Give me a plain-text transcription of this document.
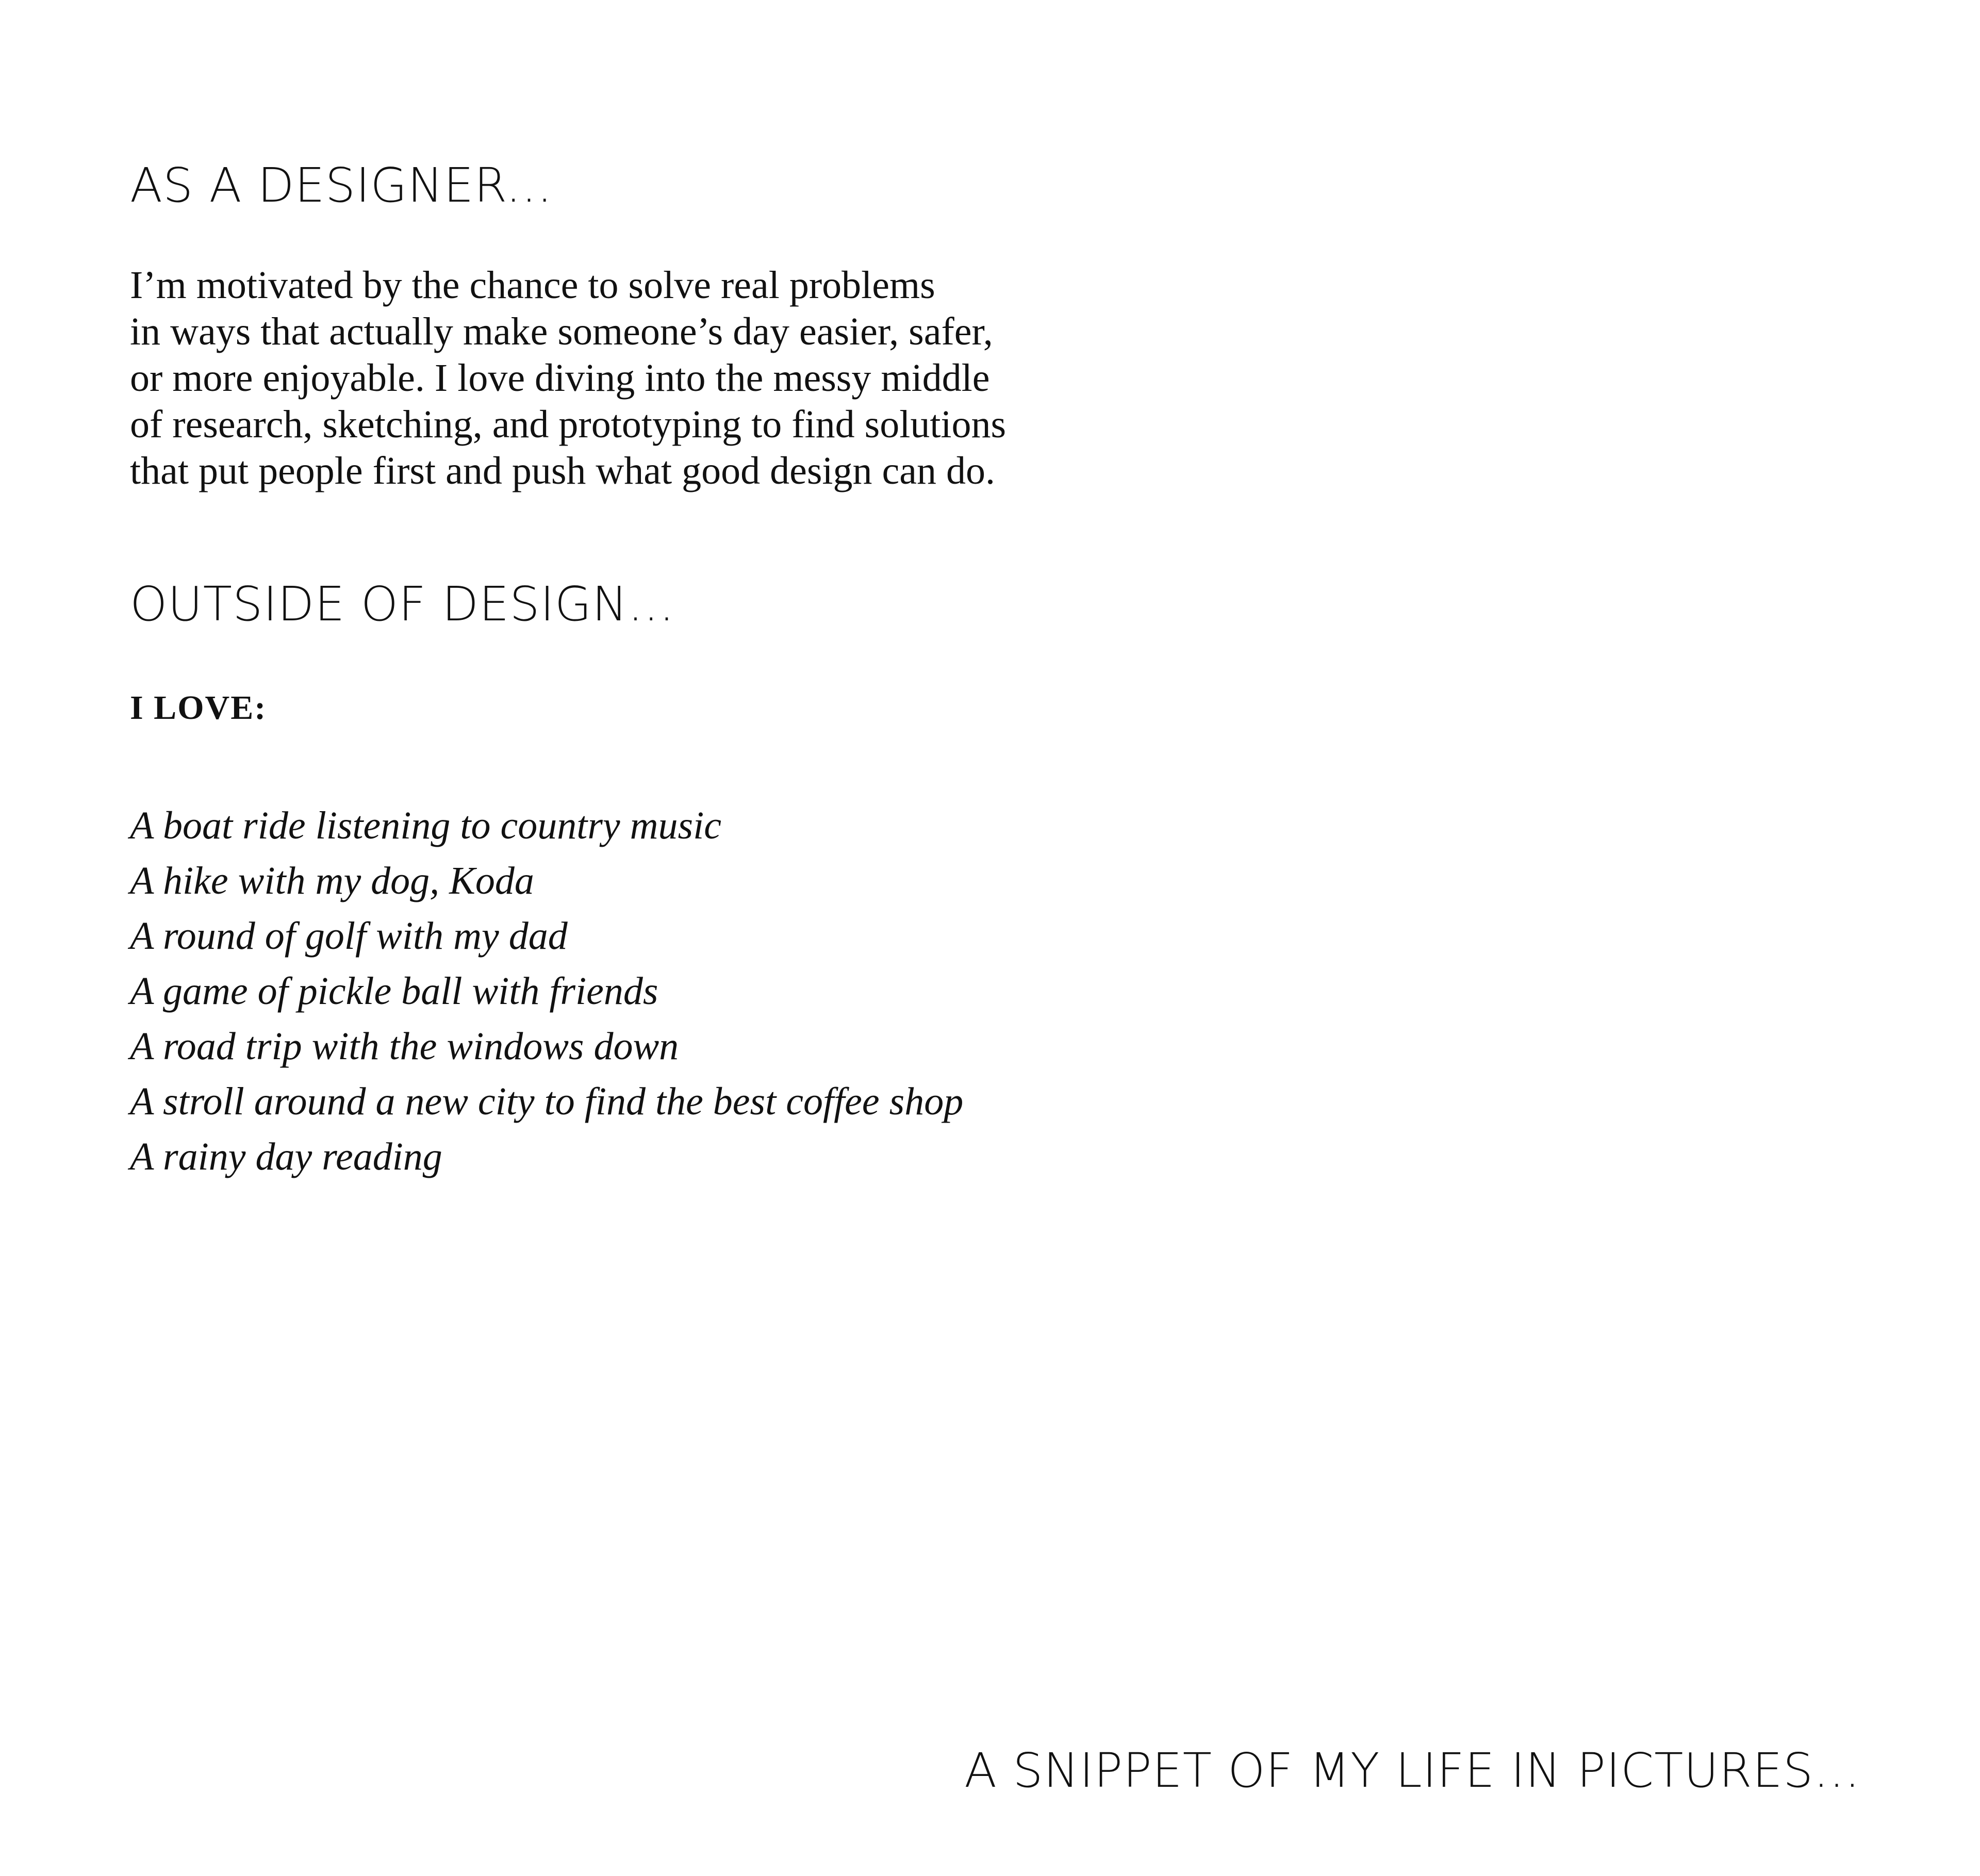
AS A DESIGNER...

I’m motivated by the chance to solve real problems
in ways that actually make someone’s day easier, safer,
or more enjoyable. I love diving into the messy middle
of research, sketching, and prototyping to find solutions
that put people first and push what good design can do.

OUTSIDE OF DESIGN...

I LOVE:

A boat ride listening to country music
A hike with my dog, Koda
A round of golf with my dad
A game of pickle ball with friends
A road trip with the windows down
A stroll around a new city to find the best coffee shop
A rainy day reading
A SNIPPET OF MY LIFE IN PICTURES...
